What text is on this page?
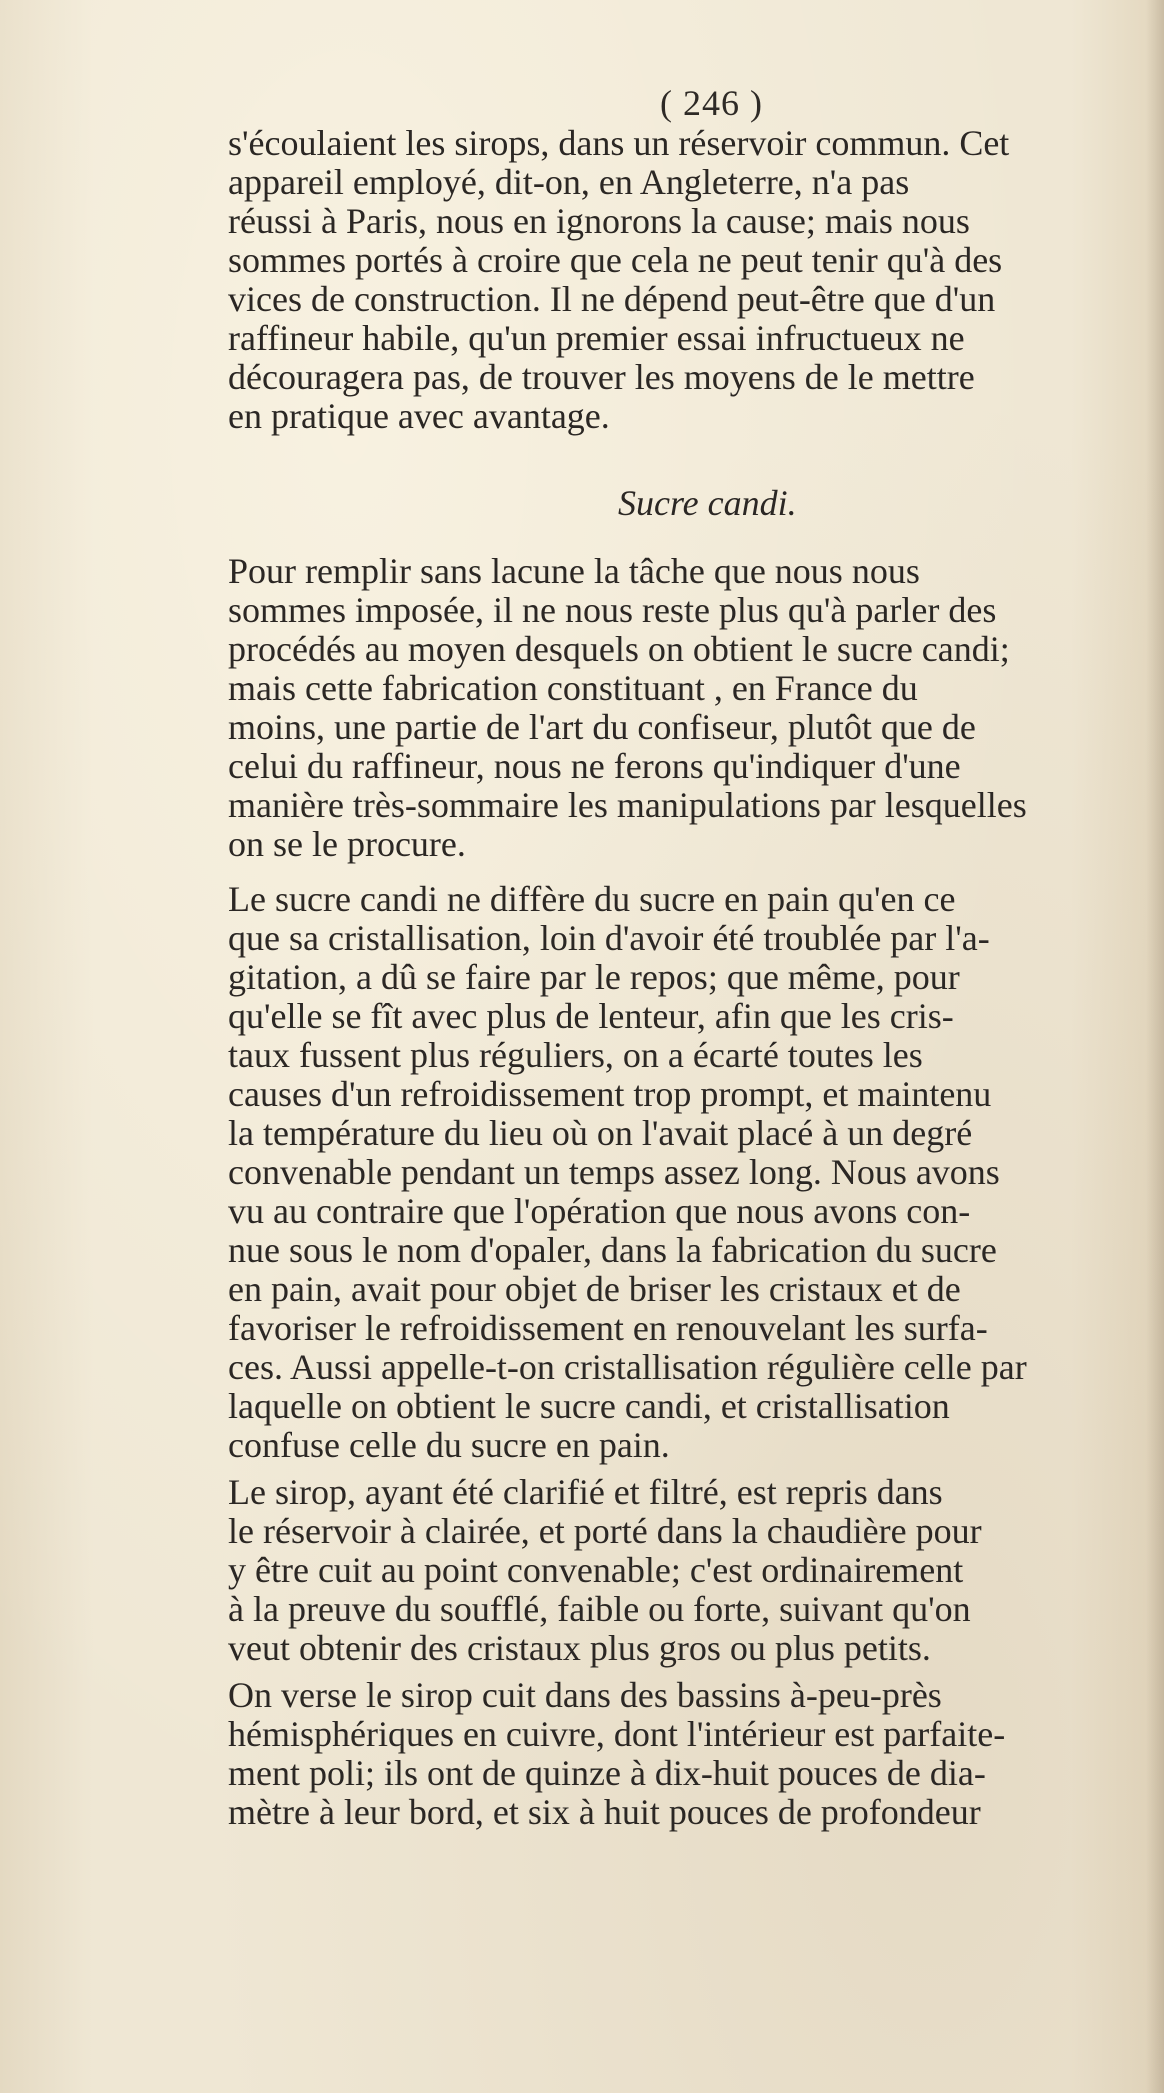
( 246 )
s'écoulaient les sirops, dans un réservoir commun. Cet
appareil employé, dit-on, en Angleterre, n'a pas
réussi à Paris, nous en ignorons la cause; mais nous
sommes portés à croire que cela ne peut tenir qu'à des
vices de construction. Il ne dépend peut-être que d'un
raffineur habile, qu'un premier essai infructueux ne
découragera pas, de trouver les moyens de le mettre
en pratique avec avantage.
Sucre candi.
Pour remplir sans lacune la tâche que nous nous
sommes imposée, il ne nous reste plus qu'à parler des
procédés au moyen desquels on obtient le sucre candi;
mais cette fabrication constituant , en France du
moins, une partie de l'art du confiseur, plutôt que de
celui du raffineur, nous ne ferons qu'indiquer d'une
manière très-sommaire les manipulations par lesquelles
on se le procure.
Le sucre candi ne diffère du sucre en pain qu'en ce
que sa cristallisation, loin d'avoir été troublée par l'a-
gitation, a dû se faire par le repos; que même, pour
qu'elle se fît avec plus de lenteur, afin que les cris-
taux fussent plus réguliers, on a écarté toutes les
causes d'un refroidissement trop prompt, et maintenu
la température du lieu où on l'avait placé à un degré
convenable pendant un temps assez long. Nous avons
vu au contraire que l'opération que nous avons con-
nue sous le nom d'opaler, dans la fabrication du sucre
en pain, avait pour objet de briser les cristaux et de
favoriser le refroidissement en renouvelant les surfa-
ces. Aussi appelle-t-on cristallisation régulière celle par
laquelle on obtient le sucre candi, et cristallisation
confuse celle du sucre en pain.
Le sirop, ayant été clarifié et filtré, est repris dans
le réservoir à clairée, et porté dans la chaudière pour
y être cuit au point convenable; c'est ordinairement
à la preuve du soufflé, faible ou forte, suivant qu'on
veut obtenir des cristaux plus gros ou plus petits.
On verse le sirop cuit dans des bassins à-peu-près
hémisphériques en cuivre, dont l'intérieur est parfaite-
ment poli; ils ont de quinze à dix-huit pouces de dia-
mètre à leur bord, et six à huit pouces de profondeur
